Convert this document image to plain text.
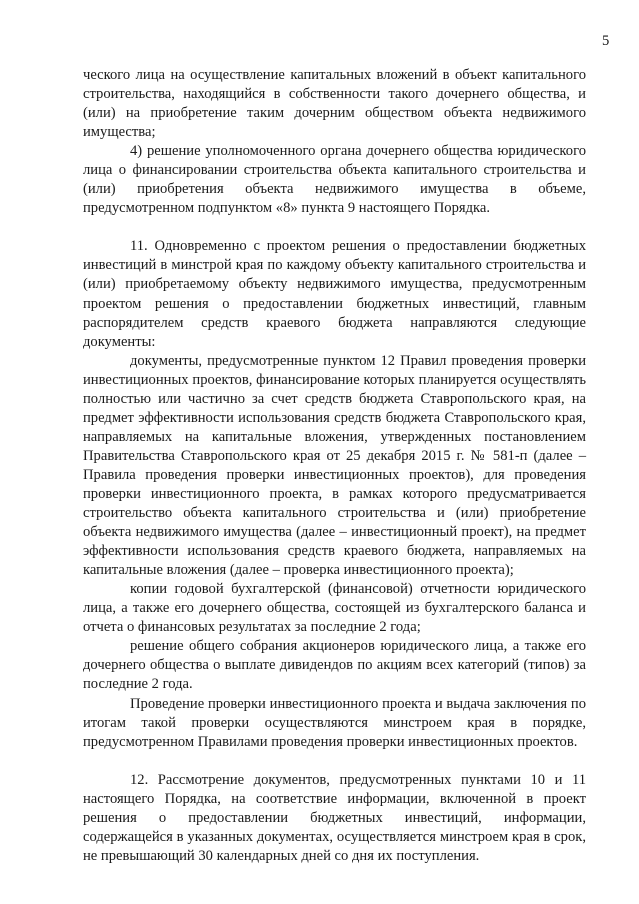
5

ческого лица на осуществление капитальных вложений в объект капитального строительства, находящийся в собственности такого дочернего общества, и (или) на приобретение таким дочерним обществом объекта недвижимого имущества;

4) решение уполномоченного органа дочернего общества юридического лица о финансировании строительства объекта капитального строительства и (или) приобретения объекта недвижимого имущества в объеме, предусмотренном подпунктом «8» пункта 9 настоящего Порядка.

11. Одновременно с проектом решения о предоставлении бюджетных инвестиций в минстрой края по каждому объекту капитального строительства и (или) приобретаемому объекту недвижимого имущества, предусмотренным проектом решения о предоставлении бюджетных инвестиций, главным распорядителем средств краевого бюджета направляются следующие документы:

документы, предусмотренные пунктом 12 Правил проведения проверки инвестиционных проектов, финансирование которых планируется осуществлять полностью или частично за счет средств бюджета Ставропольского края, на предмет эффективности использования средств бюджета Ставропольского края, направляемых на капитальные вложения, утвержденных постановлением Правительства Ставропольского края от 25 декабря 2015 г. № 581-п (далее – Правила проведения проверки инвестиционных проектов), для проведения проверки инвестиционного проекта, в рамках которого предусматривается строительство объекта капитального строительства и (или) приобретение объекта недвижимого имущества (далее – инвестиционный проект), на предмет эффективности использования средств краевого бюджета, направляемых на капитальные вложения (далее – проверка инвестиционного проекта);

копии годовой бухгалтерской (финансовой) отчетности юридического лица, а также его дочернего общества, состоящей из бухгалтерского баланса и отчета о финансовых результатах за последние 2 года;

решение общего собрания акционеров юридического лица, а также его дочернего общества о выплате дивидендов по акциям всех категорий (типов) за последние 2 года.

Проведение проверки инвестиционного проекта и выдача заключения по итогам такой проверки осуществляются минстроем края в порядке, предусмотренном Правилами проведения проверки инвестиционных проектов.

12. Рассмотрение документов, предусмотренных пунктами 10 и 11 настоящего Порядка, на соответствие информации, включенной в проект решения о предоставлении бюджетных инвестиций, информации, содержащейся в указанных документах, осуществляется минстроем края в срок, не превышающий 30 календарных дней со дня их поступления.
